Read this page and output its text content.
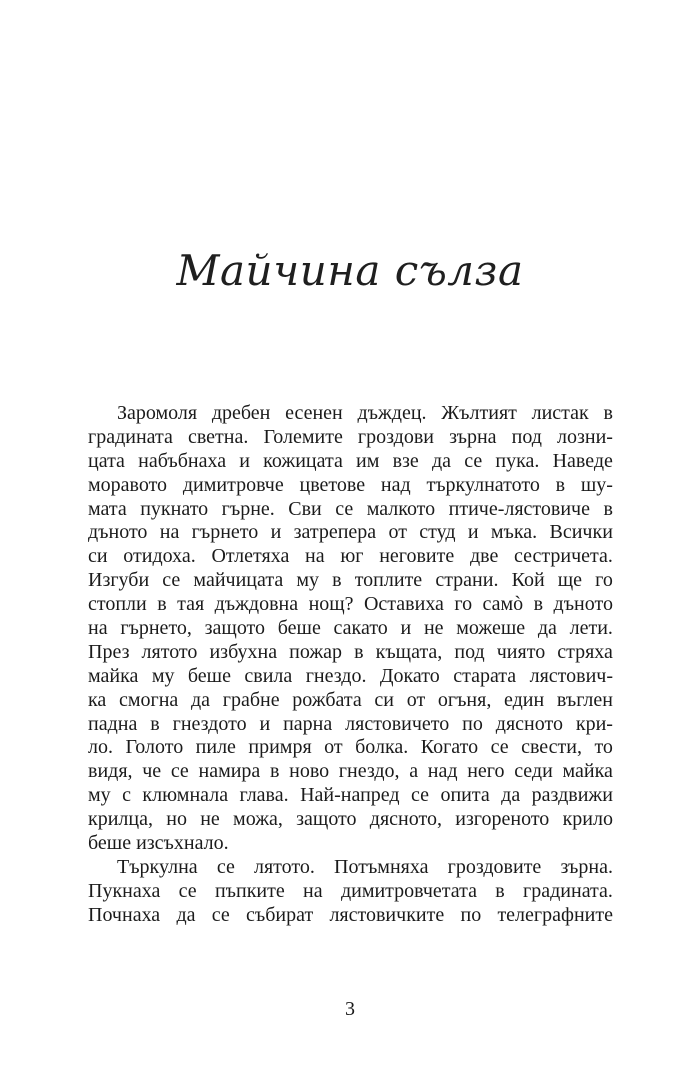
Майчина сълза
Заромоля дребен есенен дъждец. Жълтият листак в
градината светна. Големите гроздови зърна под лозни-
цата набъбнаха и кожицата им взе да се пука. Наведе
моравото димитровче цветове над търкулнатото в шу-
мата пукнато гърне. Сви се малкото птиче-лястовиче в
дъното на гърнето и затрепера от студ и мъка. Всички
си отидоха. Отлетяха на юг неговите две сестричета.
Изгуби се майчицата му в топлите страни. Кой ще го
стопли в тая дъждовна нощ? Оставиха го самò в дъното
на гърнето, защото беше сакато и не можеше да лети.
През лятото избухна пожар в къщата, под чиято стряха
майка му беше свила гнездо. Докато старата лястович-
ка смогна да грабне рожбата си от огъня, един въглен
падна в гнездото и парна лястовичето по дясното кри-
ло. Голото пиле примря от болка. Когато се свести, то
видя, че се намира в ново гнездо, а над него седи майка
му с клюмнала глава. Най-напред се опита да раздвижи
крилца, но не можа, защото дясното, изгореното крило
беше изсъхнало.
Търкулна се лятото. Потъмняха гроздовите зърна.
Пукнаха се пъпките на димитровчетата в градината.
Почнаха да се събират лястовичките по телеграфните
3
